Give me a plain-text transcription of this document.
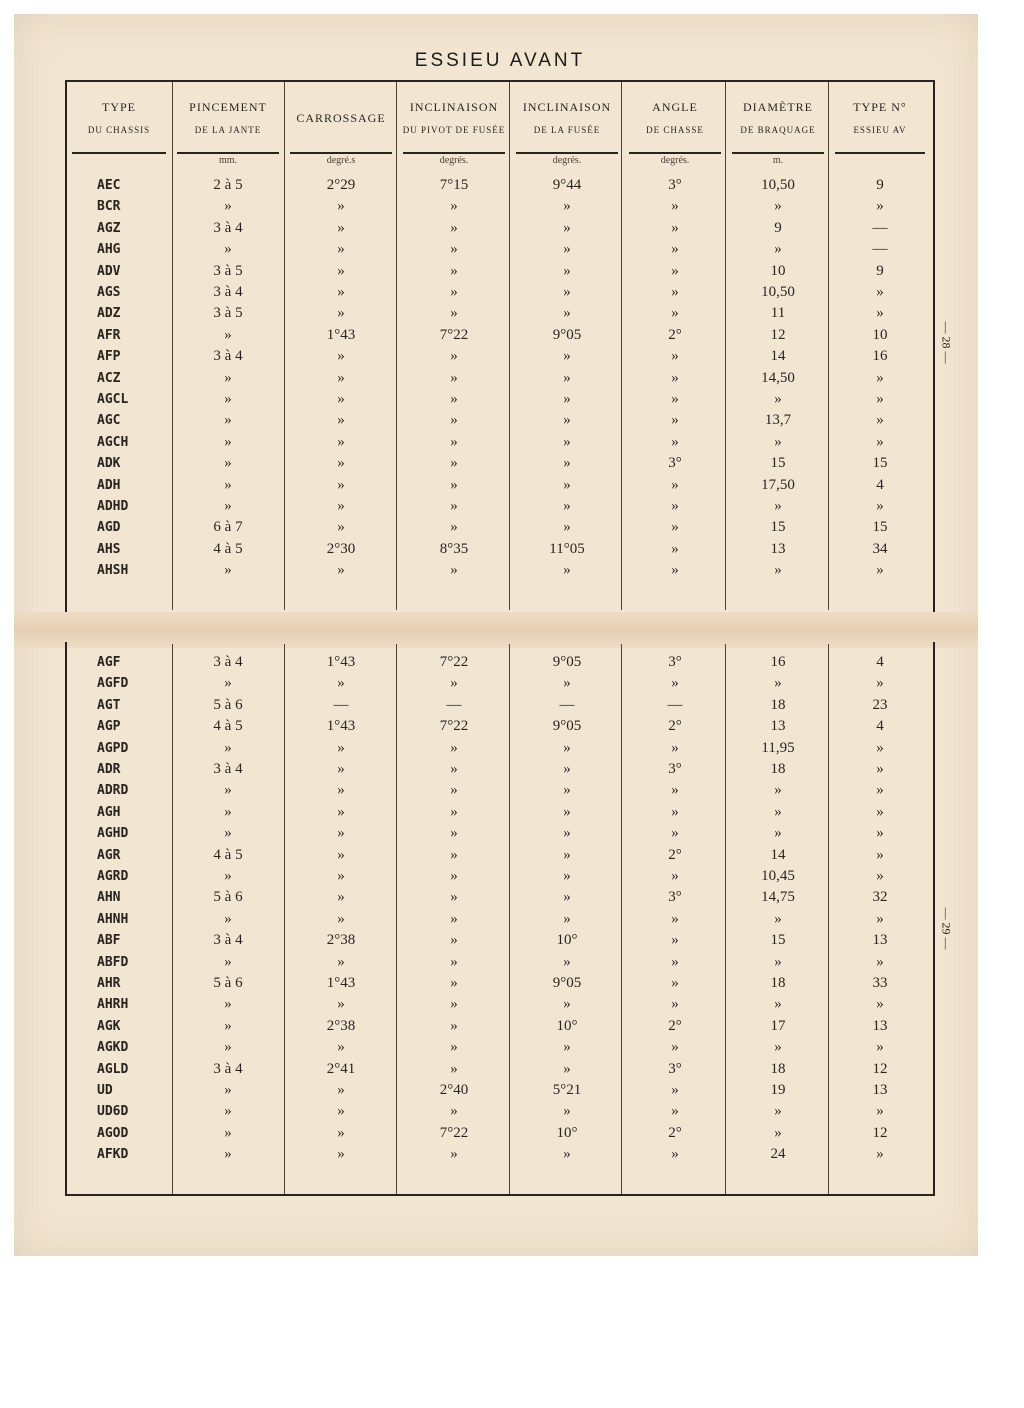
ESSIEU AVANT
TYPE
DU CHASSIS
PINCEMENT
DE LA JANTE
mm.
CARROSSAGE
degré.s
INCLINAISON
DU PIVOT DE FUSÉE
degrés.
INCLINAISON
DE LA FUSÉE
degrés.
ANGLE
DE CHASSE
degrés.
DIAMÈTRE
DE BRAQUAGE
m.
TYPE N°
ESSIEU AV
AEC	2 à 5	2°29	7°15	9°44	3°	10,50	9
BCR	»	»	»	»	»	»	»
AGZ	3 à 4	»	»	»	»	9	—
AHG	»	»	»	»	»	»	—
ADV	3 à 5	»	»	»	»	10	9
AGS	3 à 4	»	»	»	»	10,50	»
ADZ	3 à 5	»	»	»	»	11	»
AFR	»	1°43	7°22	9°05	2°	12	10
AFP	3 à 4	»	»	»	»	14	16
ACZ	»	»	»	»	»	14,50	»
AGCL	»	»	»	»	»	»	»
AGC	»	»	»	»	»	13,7	»
AGCH	»	»	»	»	»	»	»
ADK	»	»	»	»	3°	15	15
ADH	»	»	»	»	»	17,50	4
ADHD	»	»	»	»	»	»	»
AGD	6 à 7	»	»	»	»	15	15
AHS	4 à 5	2°30	8°35	11°05	»	13	34
AHSH	»	»	»	»	»	»	»
AGF	3 à 4	1°43	7°22	9°05	3°	16	4
AGFD	»	»	»	»	»	»	»
AGT	5 à 6	—	—	—	—	18	23
AGP	4 à 5	1°43	7°22	9°05	2°	13	4
AGPD	»	»	»	»	»	11,95	»
ADR	3 à 4	»	»	»	3°	18	»
ADRD	»	»	»	»	»	»	»
AGH	»	»	»	»	»	»	»
AGHD	»	»	»	»	»	»	»
AGR	4 à 5	»	»	»	2°	14	»
AGRD	»	»	»	»	»	10,45	»
AHN	5 à 6	»	»	»	3°	14,75	32
AHNH	»	»	»	»	»	»	»
ABF	3 à 4	2°38	»	10°	»	15	13
ABFD	»	»	»	»	»	»	»
AHR	5 à 6	1°43	»	9°05	»	18	33
AHRH	»	»	»	»	»	»	»
AGK	»	2°38	»	10°	2°	17	13
AGKD	»	»	»	»	»	»	»
AGLD	3 à 4	2°41	»	»	3°	18	12
UD	»	»	2°40	5°21	»	19	13
UD6D	»	»	»	»	»	»	»
AGOD	»	»	7°22	10°	2°	»	12
AFKD	»	»	»	»	»	24	»
— 28 —
— 29 —
